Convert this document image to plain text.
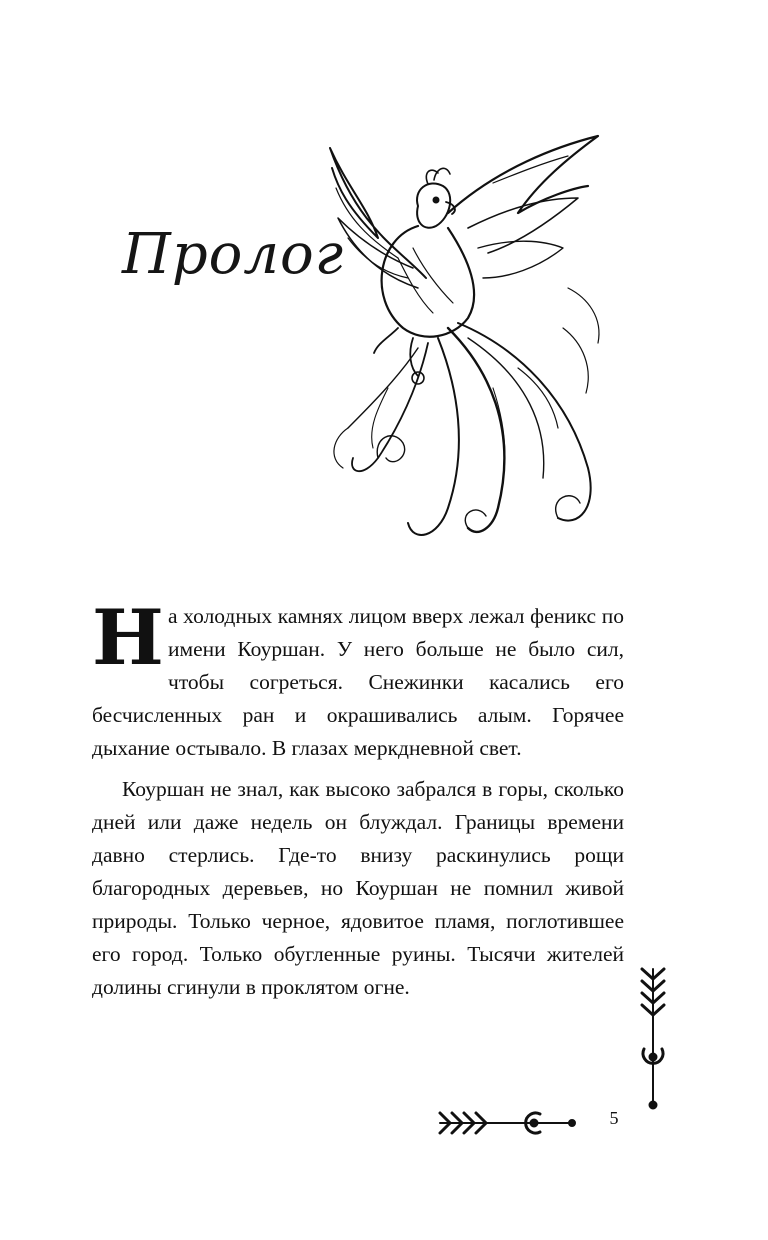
Пролог

Н а холодных камнях лицом вверх лежал феникс по имени Коуршан. У него больше не было сил, чтобы согреться. Снежинки касались его бесчисленных ран и окрашивались алым. Горячее дыхание остывало. В глазах меркдневной свет.

Коуршан не знал, как высоко забрался в горы, сколько дней или даже недель он блуждал. Границы времени давно стерлись. Где-то внизу раскинулись рощи благородных деревьев, но Коуршан не помнил живой природы. Только черное, ядовитое пламя, поглотившее его город. Только обугленные руины. Тысячи жителей долины сгинули в проклятом огне.

5
